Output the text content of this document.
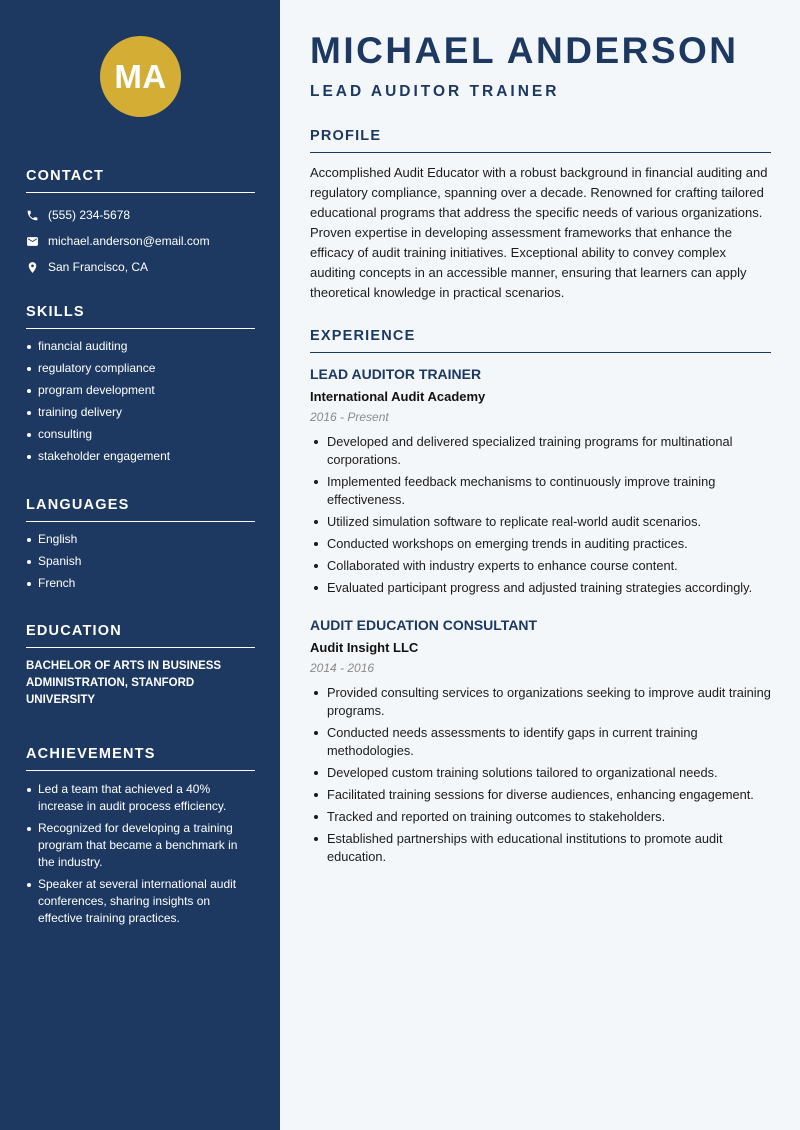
MA
CONTACT
(555) 234-5678
michael.anderson@email.com
San Francisco, CA
SKILLS
financial auditing
regulatory compliance
program development
training delivery
consulting
stakeholder engagement
LANGUAGES
English
Spanish
French
EDUCATION

BACHELOR OF ARTS IN BUSINESS ADMINISTRATION, STANFORD UNIVERSITY

ACHIEVEMENTS
Led a team that achieved a 40% increase in audit process efficiency.
Recognized for developing a training program that became a benchmark in the industry.
Speaker at several international audit conferences, sharing insights on effective training practices.
MICHAEL ANDERSON
LEAD AUDITOR TRAINER
PROFILE

Accomplished Audit Educator with a robust background in financial auditing and regulatory compliance, spanning over a decade. Renowned for crafting tailored educational programs that address the specific needs of various organizations. Proven expertise in developing assessment frameworks that enhance the efficacy of audit training initiatives. Exceptional ability to convey complex auditing concepts in an accessible manner, ensuring that learners can apply theoretical knowledge in practical scenarios.

EXPERIENCE
LEAD AUDITOR TRAINER
International Audit Academy
2016 - Present
Developed and delivered specialized training programs for multinational corporations.
Implemented feedback mechanisms to continuously improve training effectiveness.
Utilized simulation software to replicate real-world audit scenarios.
Conducted workshops on emerging trends in auditing practices.
Collaborated with industry experts to enhance course content.
Evaluated participant progress and adjusted training strategies accordingly.
AUDIT EDUCATION CONSULTANT
Audit Insight LLC
2014 - 2016
Provided consulting services to organizations seeking to improve audit training programs.
Conducted needs assessments to identify gaps in current training methodologies.
Developed custom training solutions tailored to organizational needs.
Facilitated training sessions for diverse audiences, enhancing engagement.
Tracked and reported on training outcomes to stakeholders.
Established partnerships with educational institutions to promote audit education.
